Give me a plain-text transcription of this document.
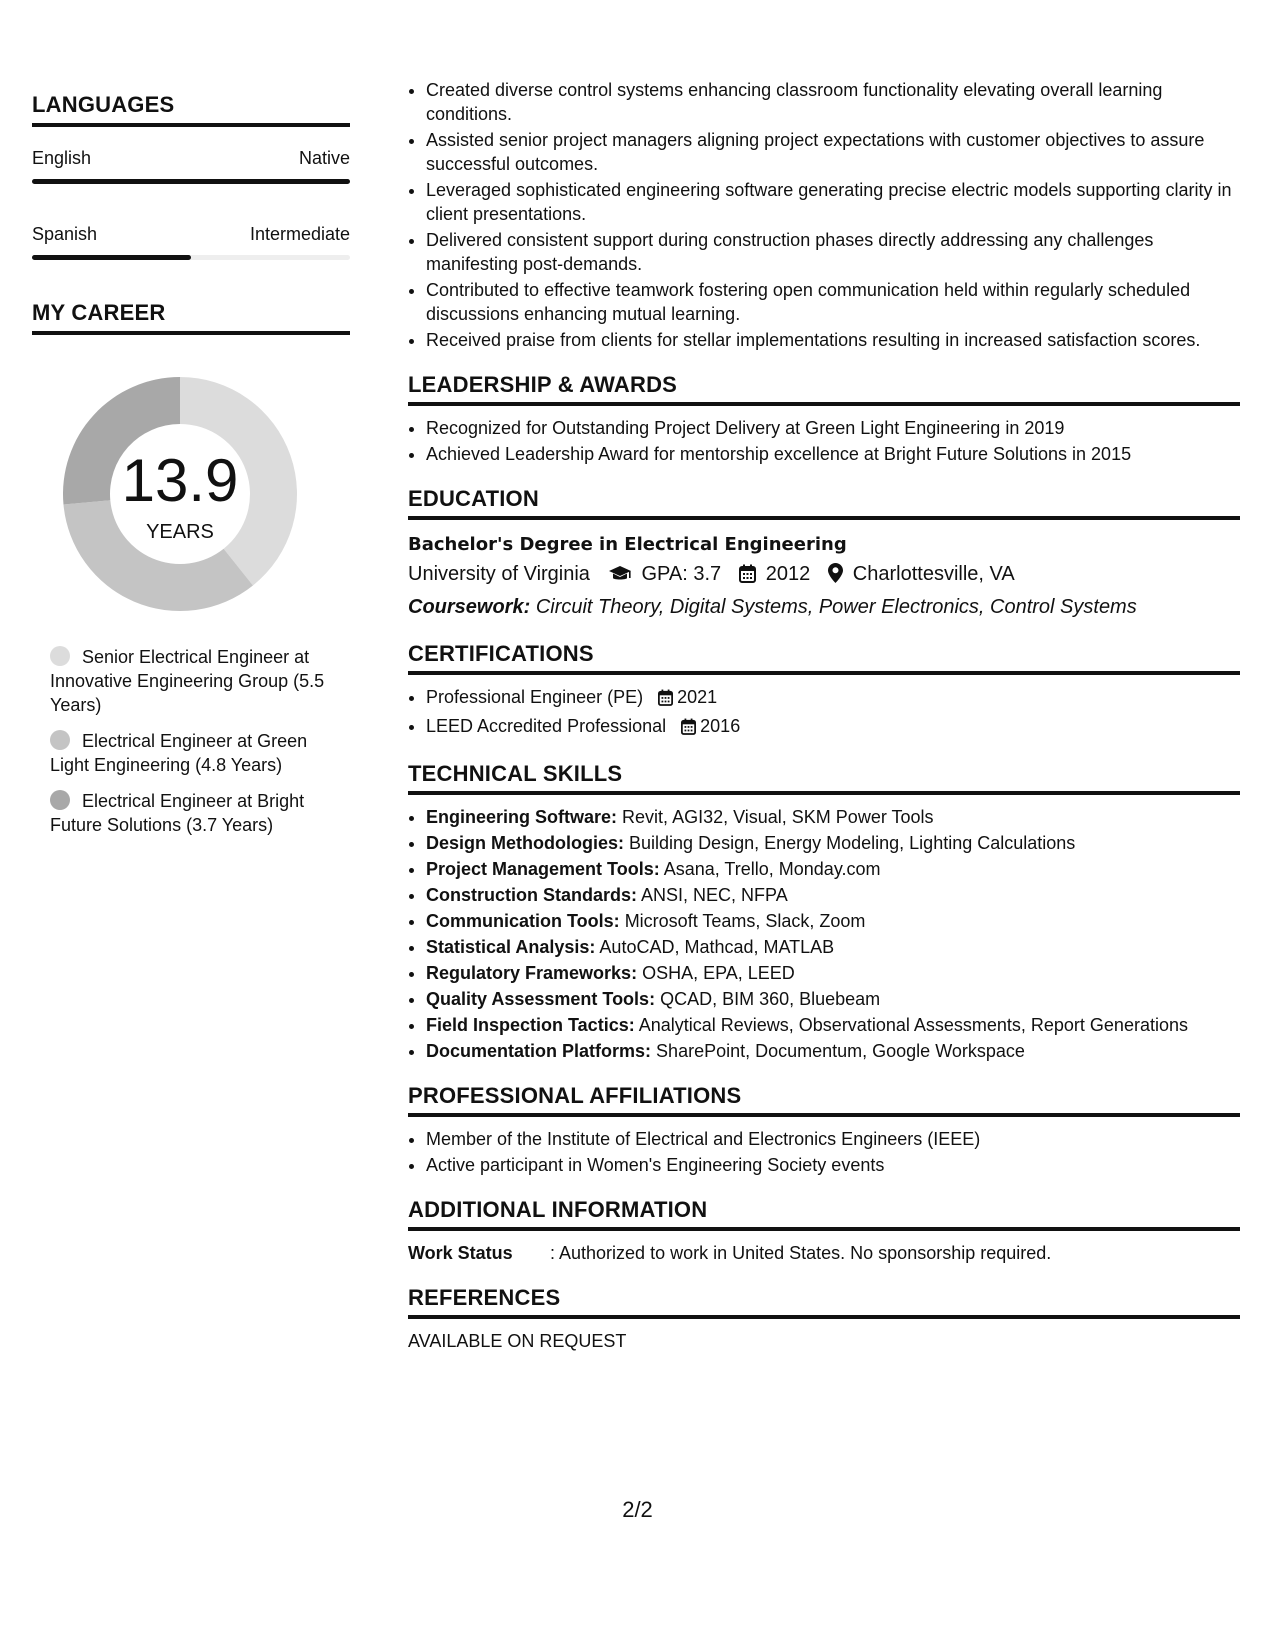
LANGUAGES
English	Native
Spanish	Intermediate
MY CAREER
13.9
YEARS
Senior Electrical Engineer at Innovative Engineering Group (5.5 Years)
Electrical Engineer at Green Light Engineering (4.8 Years)
Electrical Engineer at Bright Future Solutions (3.7 Years)
• Created diverse control systems enhancing classroom functionality elevating overall learning conditions.
• Assisted senior project managers aligning project expectations with customer objectives to assure successful outcomes.
• Leveraged sophisticated engineering software generating precise electric models supporting clarity in client presentations.
• Delivered consistent support during construction phases directly addressing any challenges manifesting post-demands.
• Contributed to effective teamwork fostering open communication held within regularly scheduled discussions enhancing mutual learning.
• Received praise from clients for stellar implementations resulting in increased satisfaction scores.
LEADERSHIP & AWARDS
• Recognized for Outstanding Project Delivery at Green Light Engineering in 2019
• Achieved Leadership Award for mentorship excellence at Bright Future Solutions in 2015
EDUCATION
Bachelor's Degree in Electrical Engineering
University of Virginia	GPA: 3.7 2012 Charlottesville, VA
Coursework: Circuit Theory, Digital Systems, Power Electronics, Control Systems
CERTIFICATIONS
• Professional Engineer (PE) 2021
• LEED Accredited Professional 2016
TECHNICAL SKILLS
• Engineering Software: Revit, AGI32, Visual, SKM Power Tools
• Design Methodologies: Building Design, Energy Modeling, Lighting Calculations
• Project Management Tools: Asana, Trello, Monday.com
• Construction Standards: ANSI, NEC, NFPA
• Communication Tools: Microsoft Teams, Slack, Zoom
• Statistical Analysis: AutoCAD, Mathcad, MATLAB
• Regulatory Frameworks: OSHA, EPA, LEED
• Quality Assessment Tools: QCAD, BIM 360, Bluebeam
• Field Inspection Tactics: Analytical Reviews, Observational Assessments, Report Generations
• Documentation Platforms: SharePoint, Documentum, Google Workspace
PROFESSIONAL AFFILIATIONS
• Member of the Institute of Electrical and Electronics Engineers (IEEE)
• Active participant in Women's Engineering Society events
ADDITIONAL INFORMATION
Work Status	: Authorized to work in United States. No sponsorship required.
REFERENCES
AVAILABLE ON REQUEST
2/2
